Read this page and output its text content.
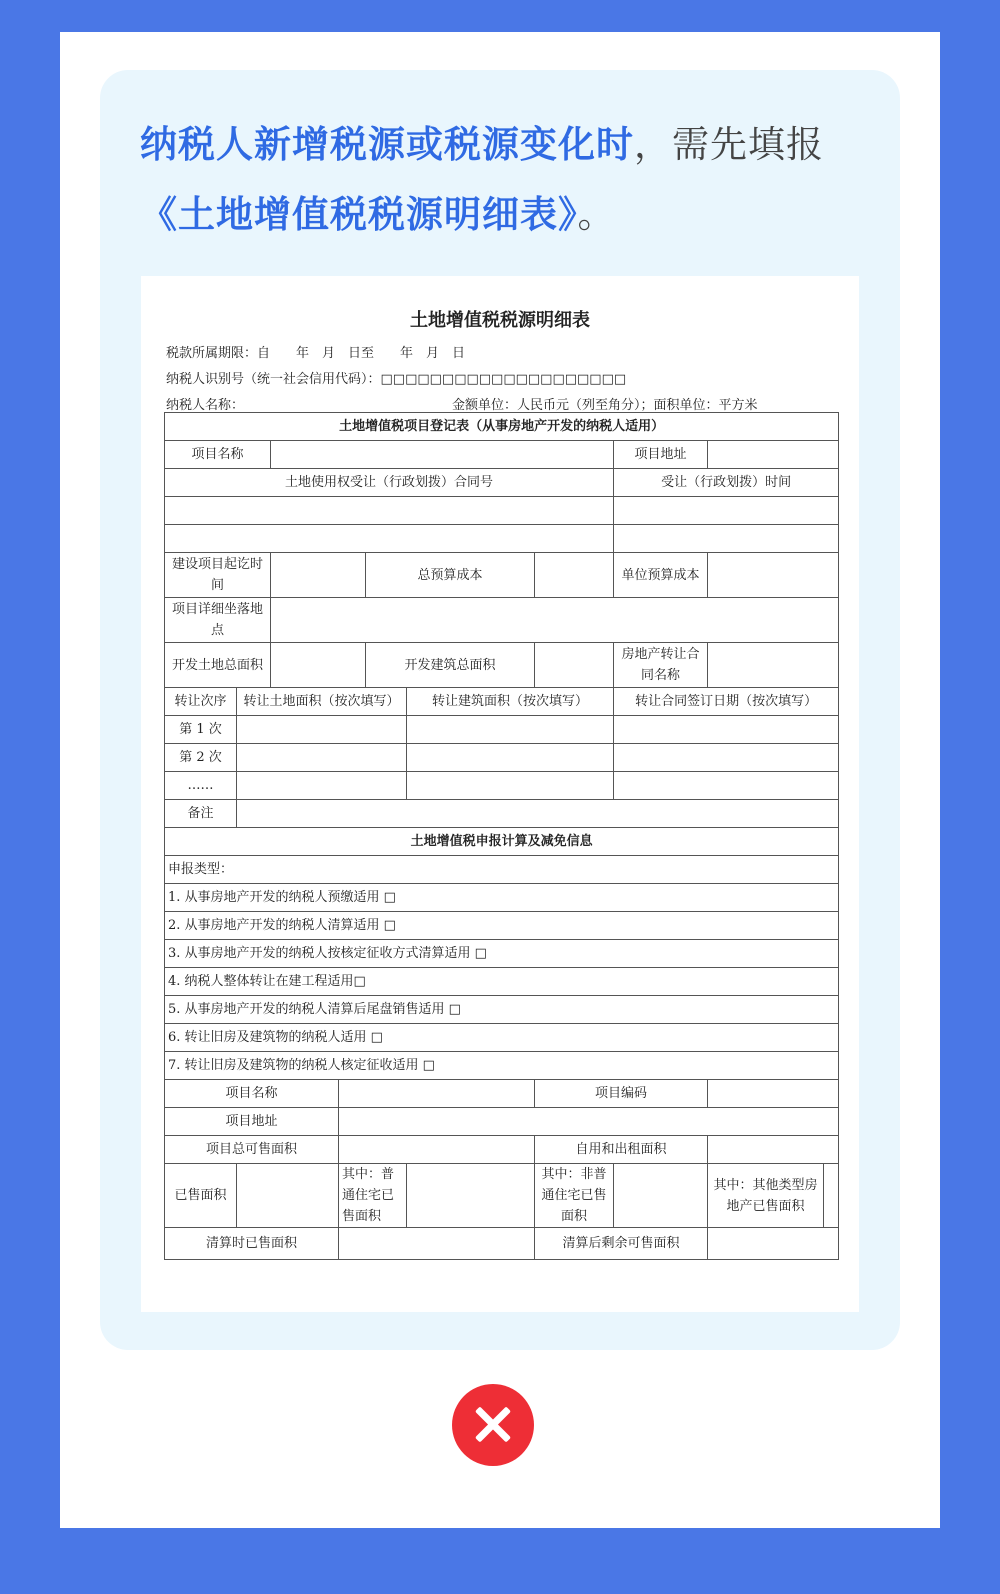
纳税人新增税源或税源变化时，需先填报
《土地增值税税源明细表》。
土地增值税税源明细表
税款所属期限：自　　年　月　日至　　年　月　日
纳税人识别号（统一社会信用代码）：□□□□□□□□□□□□□□□□□□□□
纳税人名称：	金额单位：人民币元（列至角分）；面积单位：平方米
土地增值税项目登记表（从事房地产开发的纳税人适用）									
项目名称							项目地址		
土地使用权受让（行政划拨）合同号							受让（行政划拨）时间		

建设项目起讫时间				总预算成本			单位预算成本		
项目详细坐落地点									
开发土地总面积				开发建筑总面积			房地产转让合同名称		
转让次序	转让土地面积（按次填写）				转让建筑面积（按次填写）		转让合同签订日期（按次填写）		
第 1 次									
第 2 次									
……									
备注									
土地增值税申报计算及减免信息									
申报类型：									
1. 从事房地产开发的纳税人预缴适用 □									
2. 从事房地产开发的纳税人清算适用 □									
3. 从事房地产开发的纳税人按核定征收方式清算适用 □									
4. 纳税人整体转让在建工程适用□									
5. 从事房地产开发的纳税人清算后尾盘销售适用 □									
6. 转让旧房及建筑物的纳税人适用 □									
7. 转让旧房及建筑物的纳税人核定征收适用 □									
项目名称						项目编码			
项目地址									
项目总可售面积						自用和出租面积			
已售面积			其中：普通住宅已售面积			其中：非普通住宅已售面积		其中：其他类型房地产已售面积	
清算时已售面积						清算后剩余可售面积			
